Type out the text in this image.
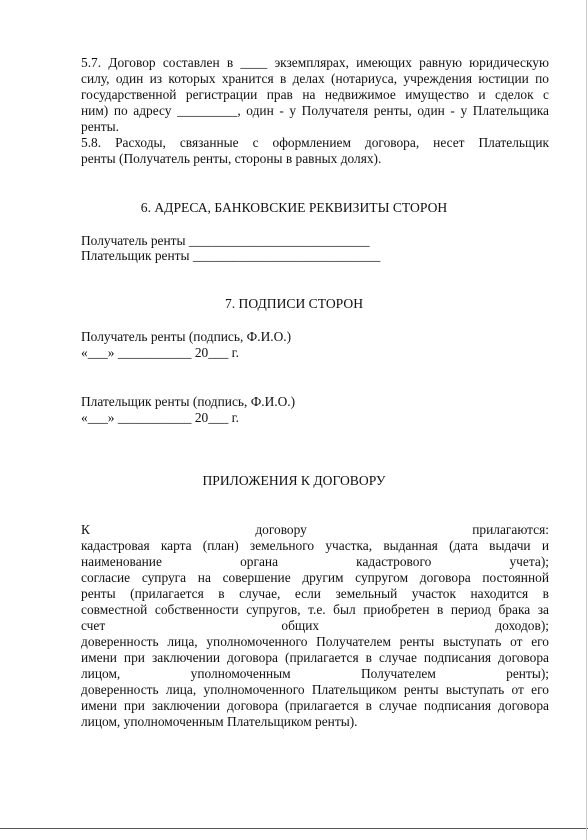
5.7. Договор составлен в ____ экземплярах, имеющих равную юридическую
силу, один из которых хранится в делах (нотариуса, учреждения юстиции по
государственной регистрации прав на недвижимое имущество и сделок с
ним) по адресу _________, один - у Получателя ренты, один - у Плательщика
ренты.
5.8. Расходы, связанные с оформлением договора, несет Плательщик
ренты (Получатель ренты, стороны в равных долях).
6. АДРЕСА, БАНКОВСКИЕ РЕКВИЗИТЫ СТОРОН
Получатель ренты ___________________________
Плательщик ренты ____________________________
7. ПОДПИСИ СТОРОН
Получатель ренты (подпись, Ф.И.О.)
«___» ___________ 20___ г.
Плательщик ренты (подпись, Ф.И.О.)
«___» ___________ 20___ г.
ПРИЛОЖЕНИЯ К ДОГОВОРУ
К договору прилагаются:
кадастровая карта (план) земельного участка, выданная (дата выдачи и
наименование органа кадастрового учета);
согласие супруга на совершение другим супругом договора постоянной
ренты (прилагается в случае, если земельный участок находится в
совместной собственности супругов, т.е. был приобретен в период брака за
счет общих доходов);
доверенность лица, уполномоченного Получателем ренты выступать от его
имени при заключении договора (прилагается в случае подписания договора
лицом, уполномоченным Получателем ренты);
доверенность лица, уполномоченного Плательщиком ренты выступать от его
имени при заключении договора (прилагается в случае подписания договора
лицом, уполномоченным Плательщиком ренты).
